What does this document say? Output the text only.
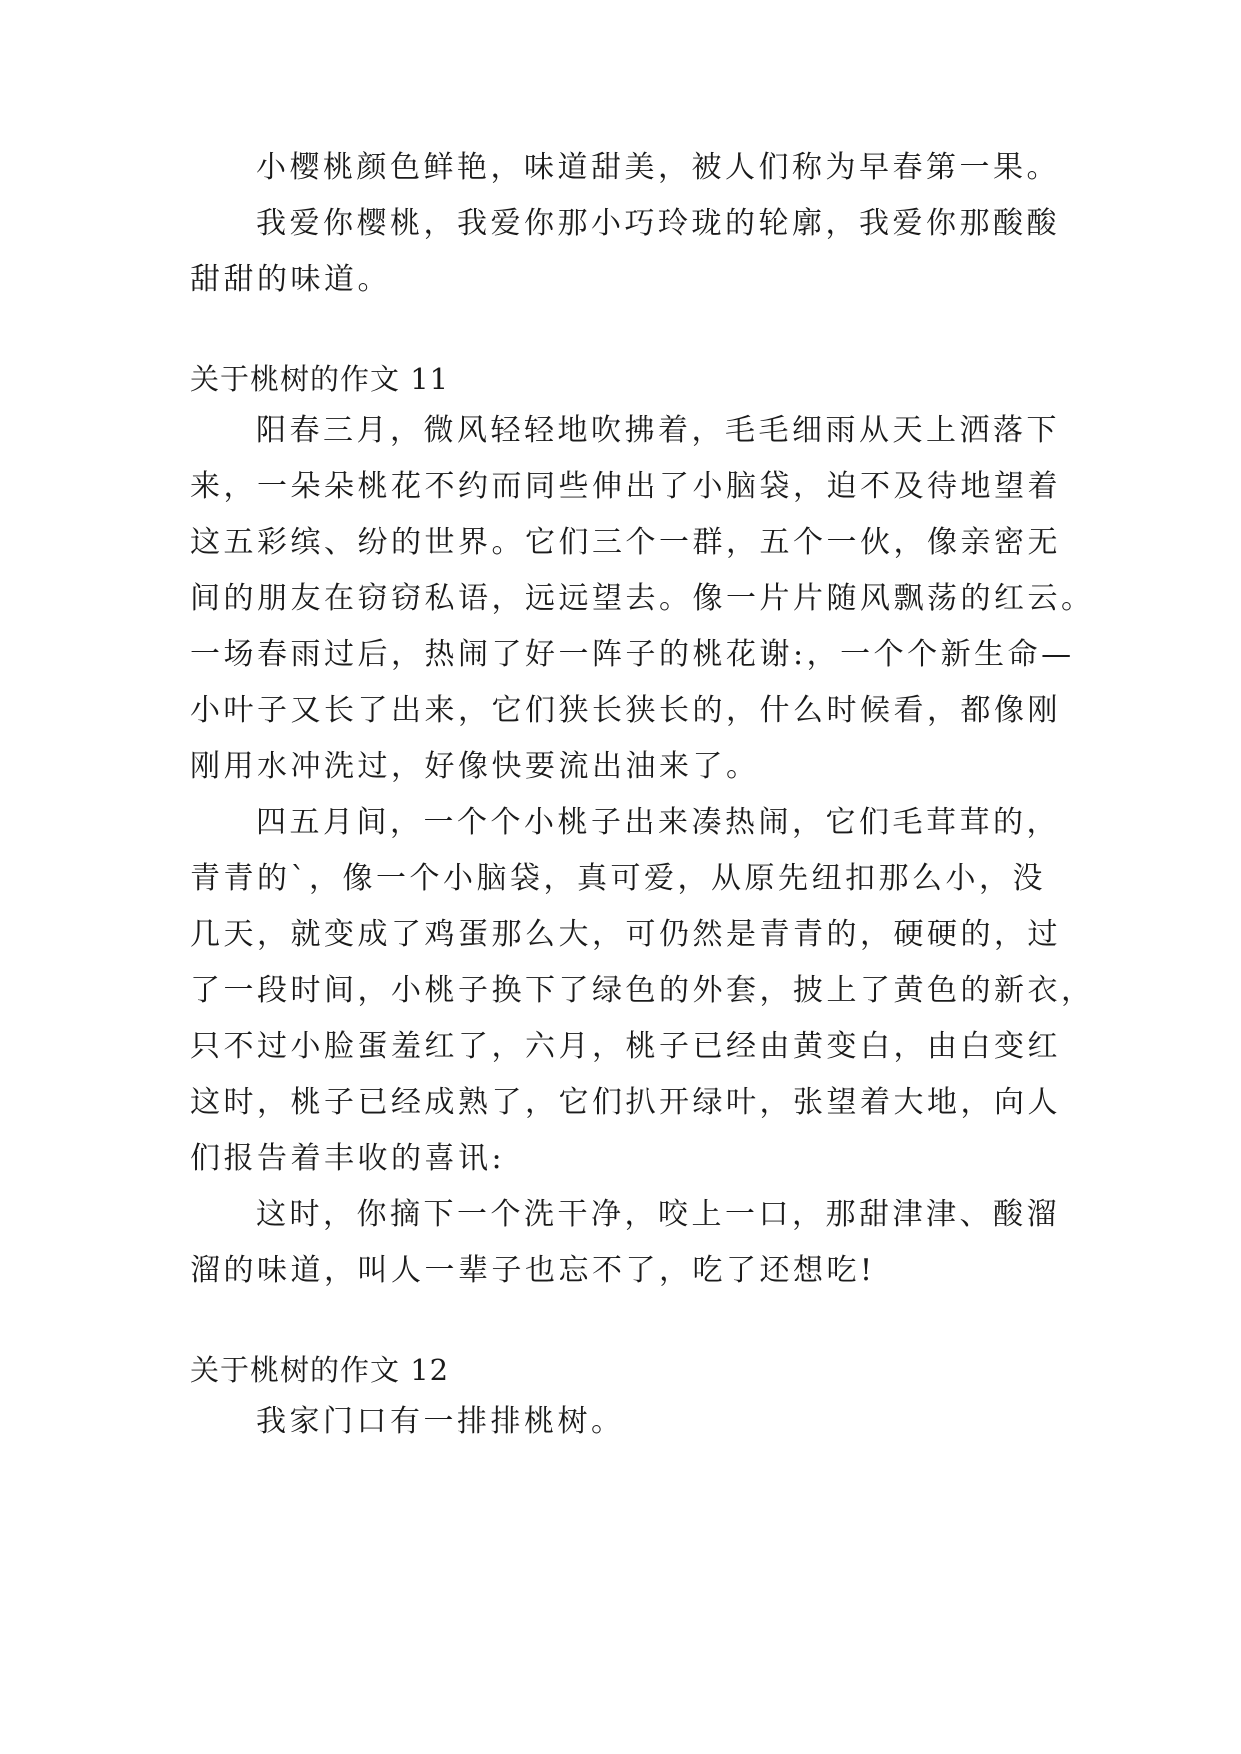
小樱桃颜色鲜艳，味道甜美，被人们称为早春第一果。
我爱你樱桃，我爱你那小巧玲珑的轮廓，我爱你那酸酸
甜甜的味道。
关于桃树的作文 11
阳春三月，微风轻轻地吹拂着，毛毛细雨从天上洒落下
来，一朵朵桃花不约而同些伸出了小脑袋，迫不及待地望着
这五彩缤、纷的世界。它们三个一群，五个一伙，像亲密无
间的朋友在窃窃私语，远远望去。像一片片随风飘荡的红云。
一场春雨过后，热闹了好一阵子的桃花谢:，一个个新生命—
小叶子又长了出来，它们狭长狭长的，什么时候看，都像刚
刚用水冲洗过，好像快要流出油来了。
四五月间，一个个小桃子出来凑热闹，它们毛茸茸的，
青青的`，像一个小脑袋，真可爱，从原先纽扣那么小，没
几天，就变成了鸡蛋那么大，可仍然是青青的，硬硬的，过
了一段时间，小桃子换下了绿色的外套，披上了黄色的新衣，
只不过小脸蛋羞红了，六月，桃子已经由黄变白，由白变红
这时，桃子已经成熟了，它们扒开绿叶，张望着大地，向人
们报告着丰收的喜讯:
这时，你摘下一个洗干净，咬上一口，那甜津津、酸溜
溜的味道，叫人一辈子也忘不了，吃了还想吃!
关于桃树的作文 12
我家门口有一排排桃树。
